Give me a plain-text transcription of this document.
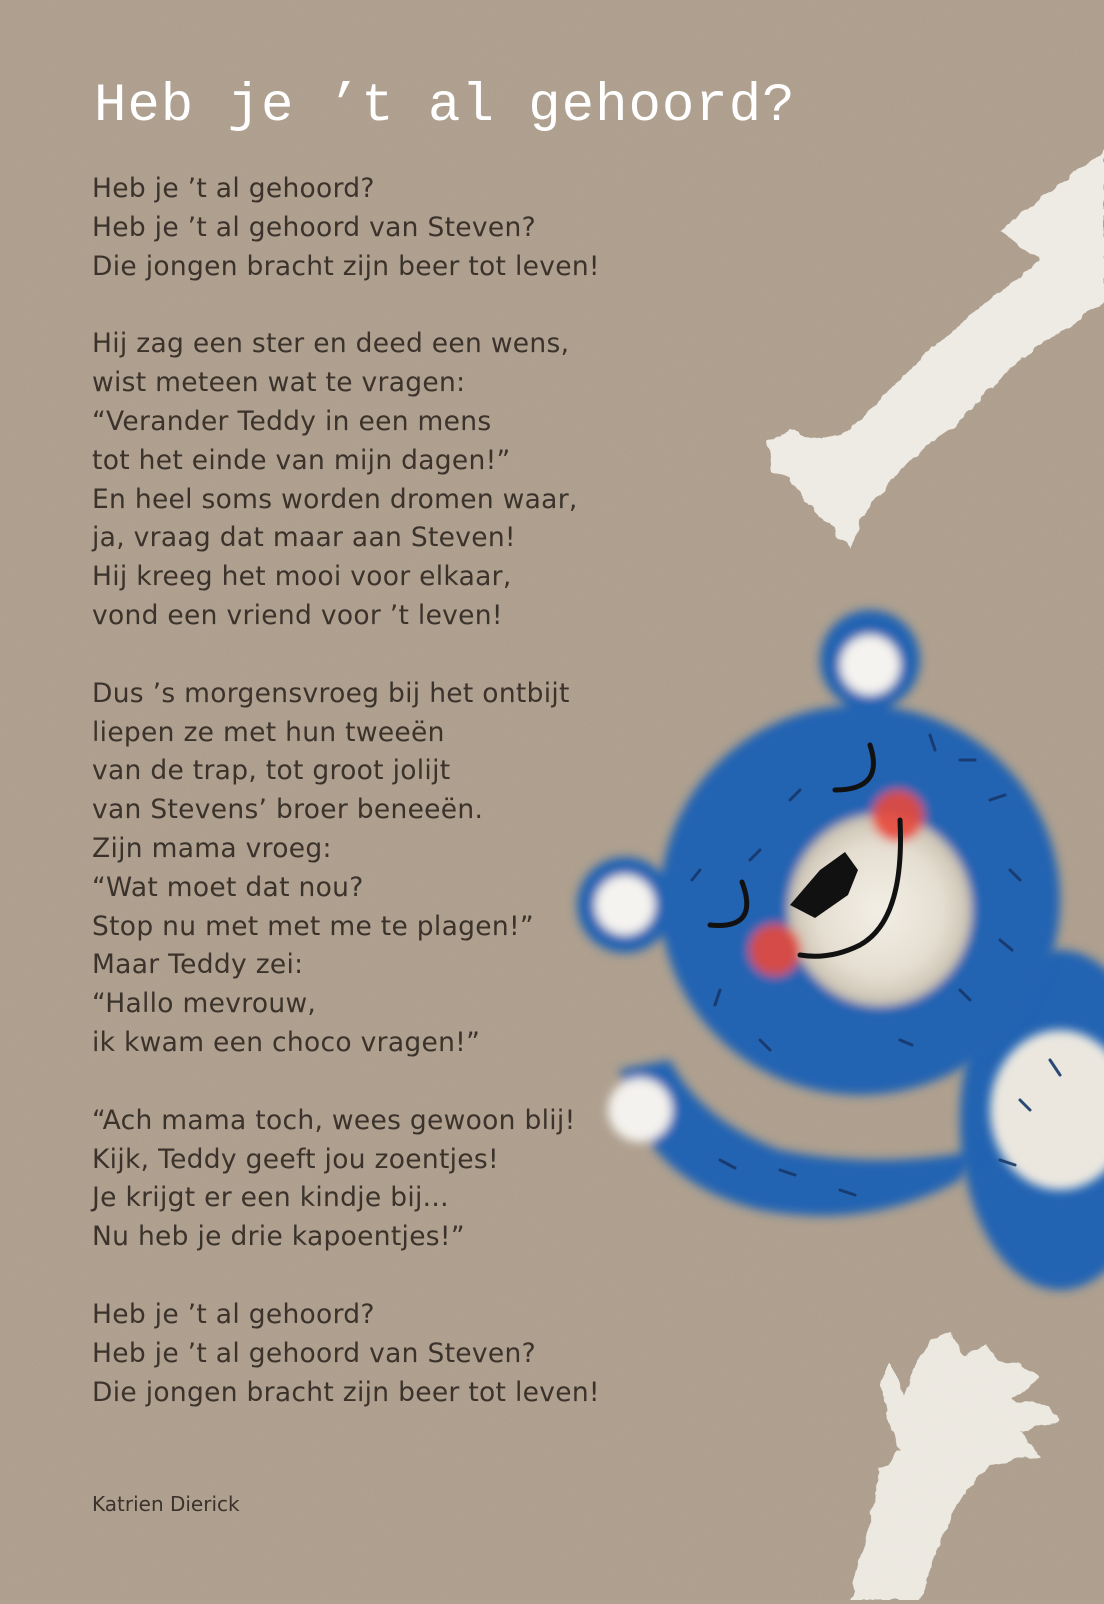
Heb je ’t al gehoord?
Heb je ’t al gehoord?
Heb je ’t al gehoord van Steven?
Die jongen bracht zijn beer tot leven!
Hij zag een ster en deed een wens,
wist meteen wat te vragen:
“Verander Teddy in een mens
tot het einde van mijn dagen!”
En heel soms worden dromen waar,
ja, vraag dat maar aan Steven!
Hij kreeg het mooi voor elkaar,
vond een vriend voor ’t leven!
Dus ’s morgensvroeg bij het ontbijt
liepen ze met hun tweeën
van de trap, tot groot jolijt
van Stevens’ broer beneeën.
Zijn mama vroeg:
“Wat moet dat nou?
Stop nu met met me te plagen!”
Maar Teddy zei:
“Hallo mevrouw,
ik kwam een choco vragen!”
“Ach mama toch, wees gewoon blij!
Kijk, Teddy geeft jou zoentjes!
Je krijgt er een kindje bij...
Nu heb je drie kapoentjes!”
Heb je ’t al gehoord?
Heb je ’t al gehoord van Steven?
Die jongen bracht zijn beer tot leven!
Katrien Dierick
